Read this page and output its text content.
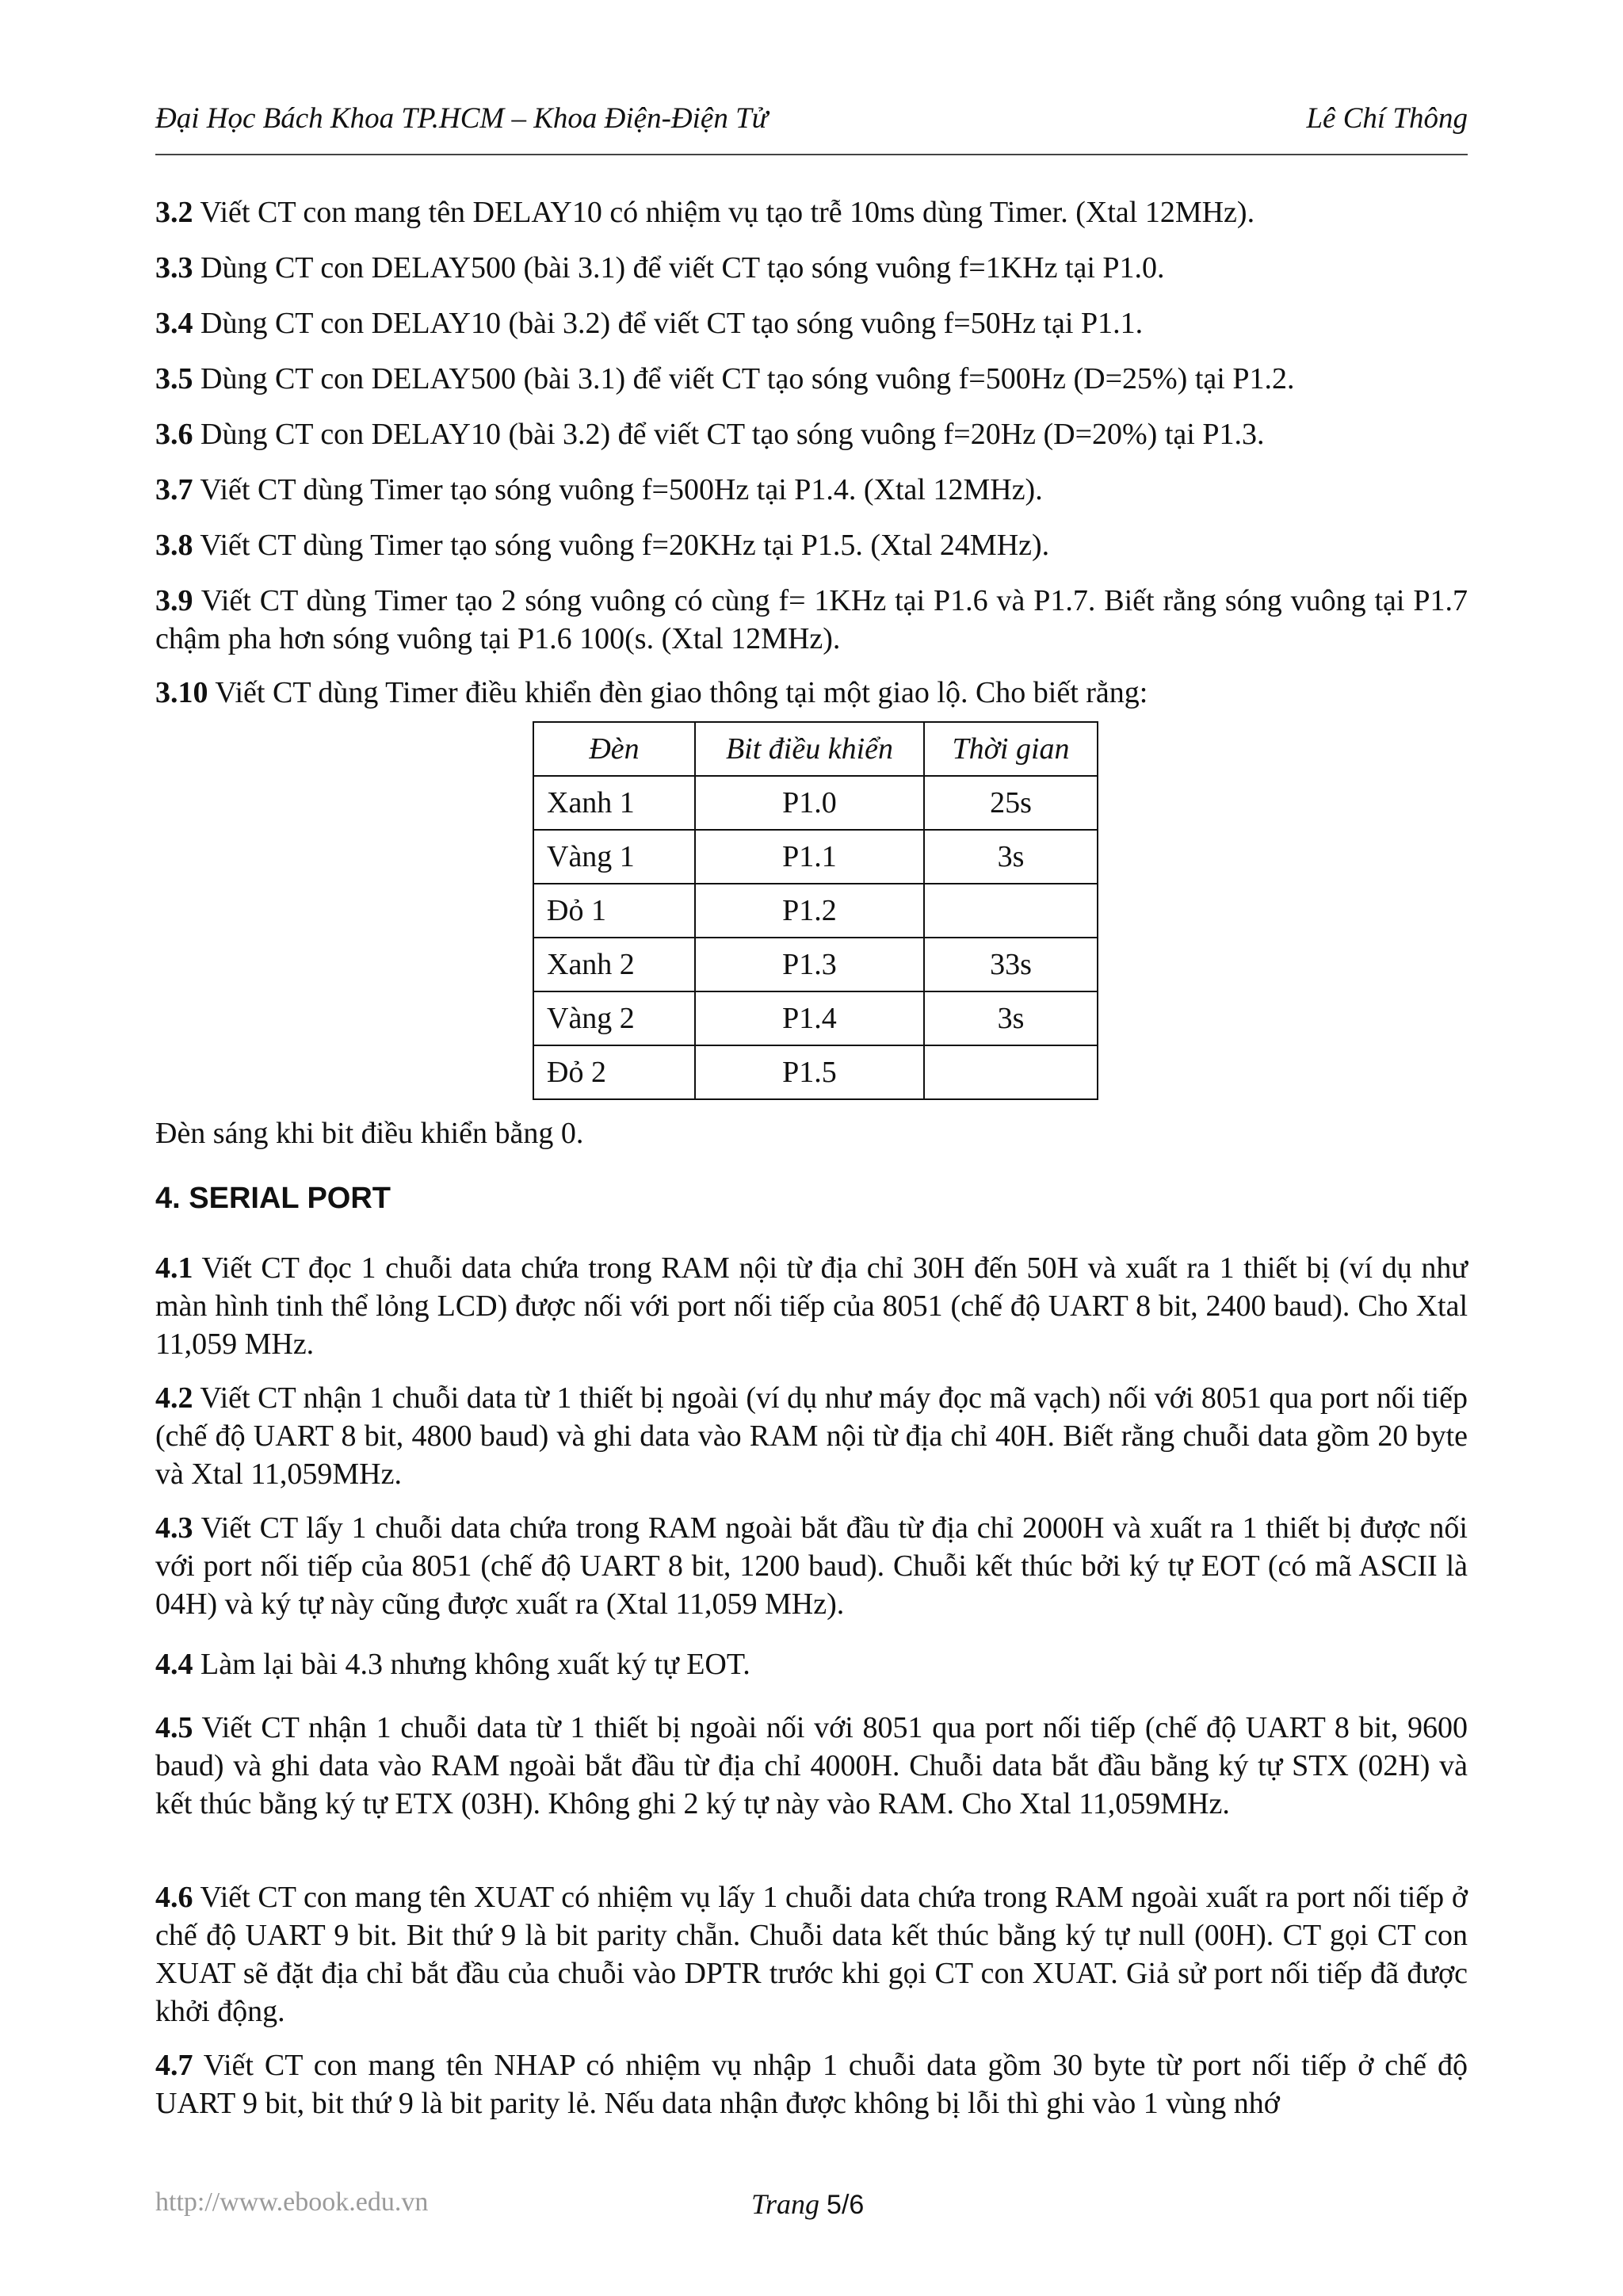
Đại Học Bách Khoa TP.HCM – Khoa Điện-Điện Tử	Lê Chí Thông
3.2 Viết CT con mang tên DELAY10 có nhiệm vụ tạo trễ 10ms dùng Timer. (Xtal 12MHz).
3.3 Dùng CT con DELAY500 (bài 3.1) để viết CT tạo sóng vuông f=1KHz tại P1.0.
3.4 Dùng CT con DELAY10 (bài 3.2) để viết CT tạo sóng vuông f=50Hz tại P1.1.
3.5 Dùng CT con DELAY500 (bài 3.1) để viết CT tạo sóng vuông f=500Hz (D=25%) tại P1.2.
3.6 Dùng CT con DELAY10 (bài 3.2) để viết CT tạo sóng vuông f=20Hz (D=20%) tại P1.3.
3.7 Viết CT dùng Timer tạo sóng vuông f=500Hz tại P1.4. (Xtal 12MHz).
3.8 Viết CT dùng Timer tạo sóng vuông f=20KHz tại P1.5. (Xtal 24MHz).
3.9 Viết CT dùng Timer tạo 2 sóng vuông có cùng f= 1KHz tại P1.6 và P1.7. Biết rằng sóng vuông tại P1.7 chậm pha hơn sóng vuông tại P1.6 100(s. (Xtal 12MHz).
3.10 Viết CT dùng Timer điều khiển đèn giao thông tại một giao lộ. Cho biết rằng:
Đèn	Bit điều khiển	Thời gian
Xanh 1	P1.0	25s
Vàng 1	P1.1	3s
Đỏ 1	P1.2	
Xanh 2	P1.3	33s
Vàng 2	P1.4	3s
Đỏ 2	P1.5	
Đèn sáng khi bit điều khiển bằng 0.
4. SERIAL PORT
4.1 Viết CT đọc 1 chuỗi data chứa trong RAM nội từ địa chỉ 30H đến 50H và xuất ra 1 thiết bị (ví dụ như màn hình tinh thể lỏng LCD) được nối với port nối tiếp của 8051 (chế độ UART 8 bit, 2400 baud). Cho Xtal 11,059 MHz.
4.2 Viết CT nhận 1 chuỗi data từ 1 thiết bị ngoài (ví dụ như máy đọc mã vạch) nối với 8051 qua port nối tiếp (chế độ UART 8 bit, 4800 baud) và ghi data vào RAM nội từ địa chỉ 40H. Biết rằng chuỗi data gồm 20 byte và Xtal 11,059MHz.
4.3 Viết CT lấy 1 chuỗi data chứa trong RAM ngoài bắt đầu từ địa chỉ 2000H và xuất ra 1 thiết bị được nối với port nối tiếp của 8051 (chế độ UART 8 bit, 1200 baud). Chuỗi kết thúc bởi ký tự EOT (có mã ASCII là 04H) và ký tự này cũng được xuất ra (Xtal 11,059 MHz).
4.4 Làm lại bài 4.3 nhưng không xuất ký tự EOT.
4.5 Viết CT nhận 1 chuỗi data từ 1 thiết bị ngoài nối với 8051 qua port nối tiếp (chế độ UART 8 bit, 9600 baud) và ghi data vào RAM ngoài bắt đầu từ địa chỉ 4000H. Chuỗi data bắt đầu bằng ký tự STX (02H) và kết thúc bằng ký tự ETX (03H). Không ghi 2 ký tự này vào RAM. Cho Xtal 11,059MHz.
4.6 Viết CT con mang tên XUAT có nhiệm vụ lấy 1 chuỗi data chứa trong RAM ngoài xuất ra port nối tiếp ở chế độ UART 9 bit. Bit thứ 9 là bit parity chẵn. Chuỗi data kết thúc bằng ký tự null (00H). CT gọi CT con XUAT sẽ đặt địa chỉ bắt đầu của chuỗi vào DPTR trước khi gọi CT con XUAT. Giả sử port nối tiếp đã được khởi động.
4.7 Viết CT con mang tên NHAP có nhiệm vụ nhập 1 chuỗi data gồm 30 byte từ port nối tiếp ở chế độ UART 9 bit, bit thứ 9 là bit parity lẻ. Nếu data nhận được không bị lỗi thì ghi vào 1 vùng nhớ
http://www.ebook.edu.vn	Trang 5/6
